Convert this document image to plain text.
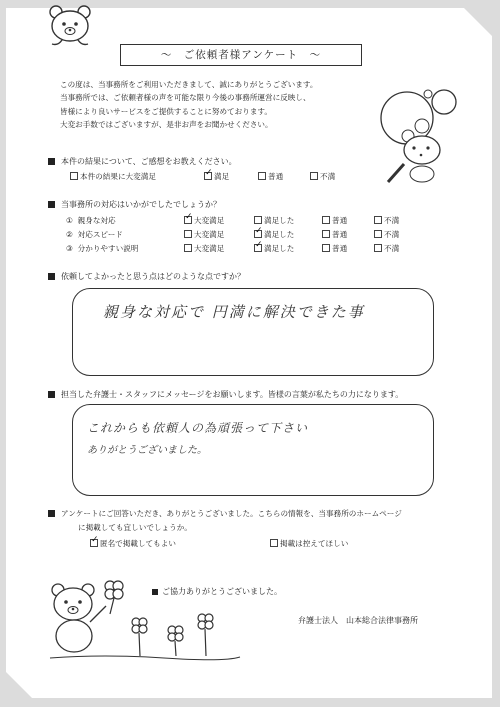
～　ご依頼者様アンケート　～
この度は、当事務所をご利用いただきまして、誠にありがとうございます。
当事務所では、ご依頼者様の声を可能な限り今後の事務所運営に反映し、
皆様により良いサービスをご提供することに努めております。
大変お手数ではございますが、是非お声をお聞かせください。
本件の結果について、ご感想をお教えください。
本件の結果に大変満足 ✓	満足	普通	不満
当事務所の対応はいかがでしたでしょうか？
① 親身な対応 ✓	大変満足	満足した	普通	不満
② 対応スピード	大変満足 ✓	満足した	普通	不満
③ 分かりやすい説明	大変満足 ✓	満足した	普通	不満
依頼してよかったと思う点はどのような点ですか？
親身な対応で 円満に解決できた事
担当した弁護士・スタッフにメッセージをお願いします。皆様の言葉が私たちの力になります。
これからも依頼人の為頑張って下さい
ありがとうございました。
アンケートにご回答いただき、ありがとうございました。こちらの情報を、当事務所のホームページ
に掲載しても宜しいでしょうか。
✓匿名で掲載してもよい	掲載は控えてほしい
ご協力ありがとうございました。
弁護士法人　山本総合法律事務所
